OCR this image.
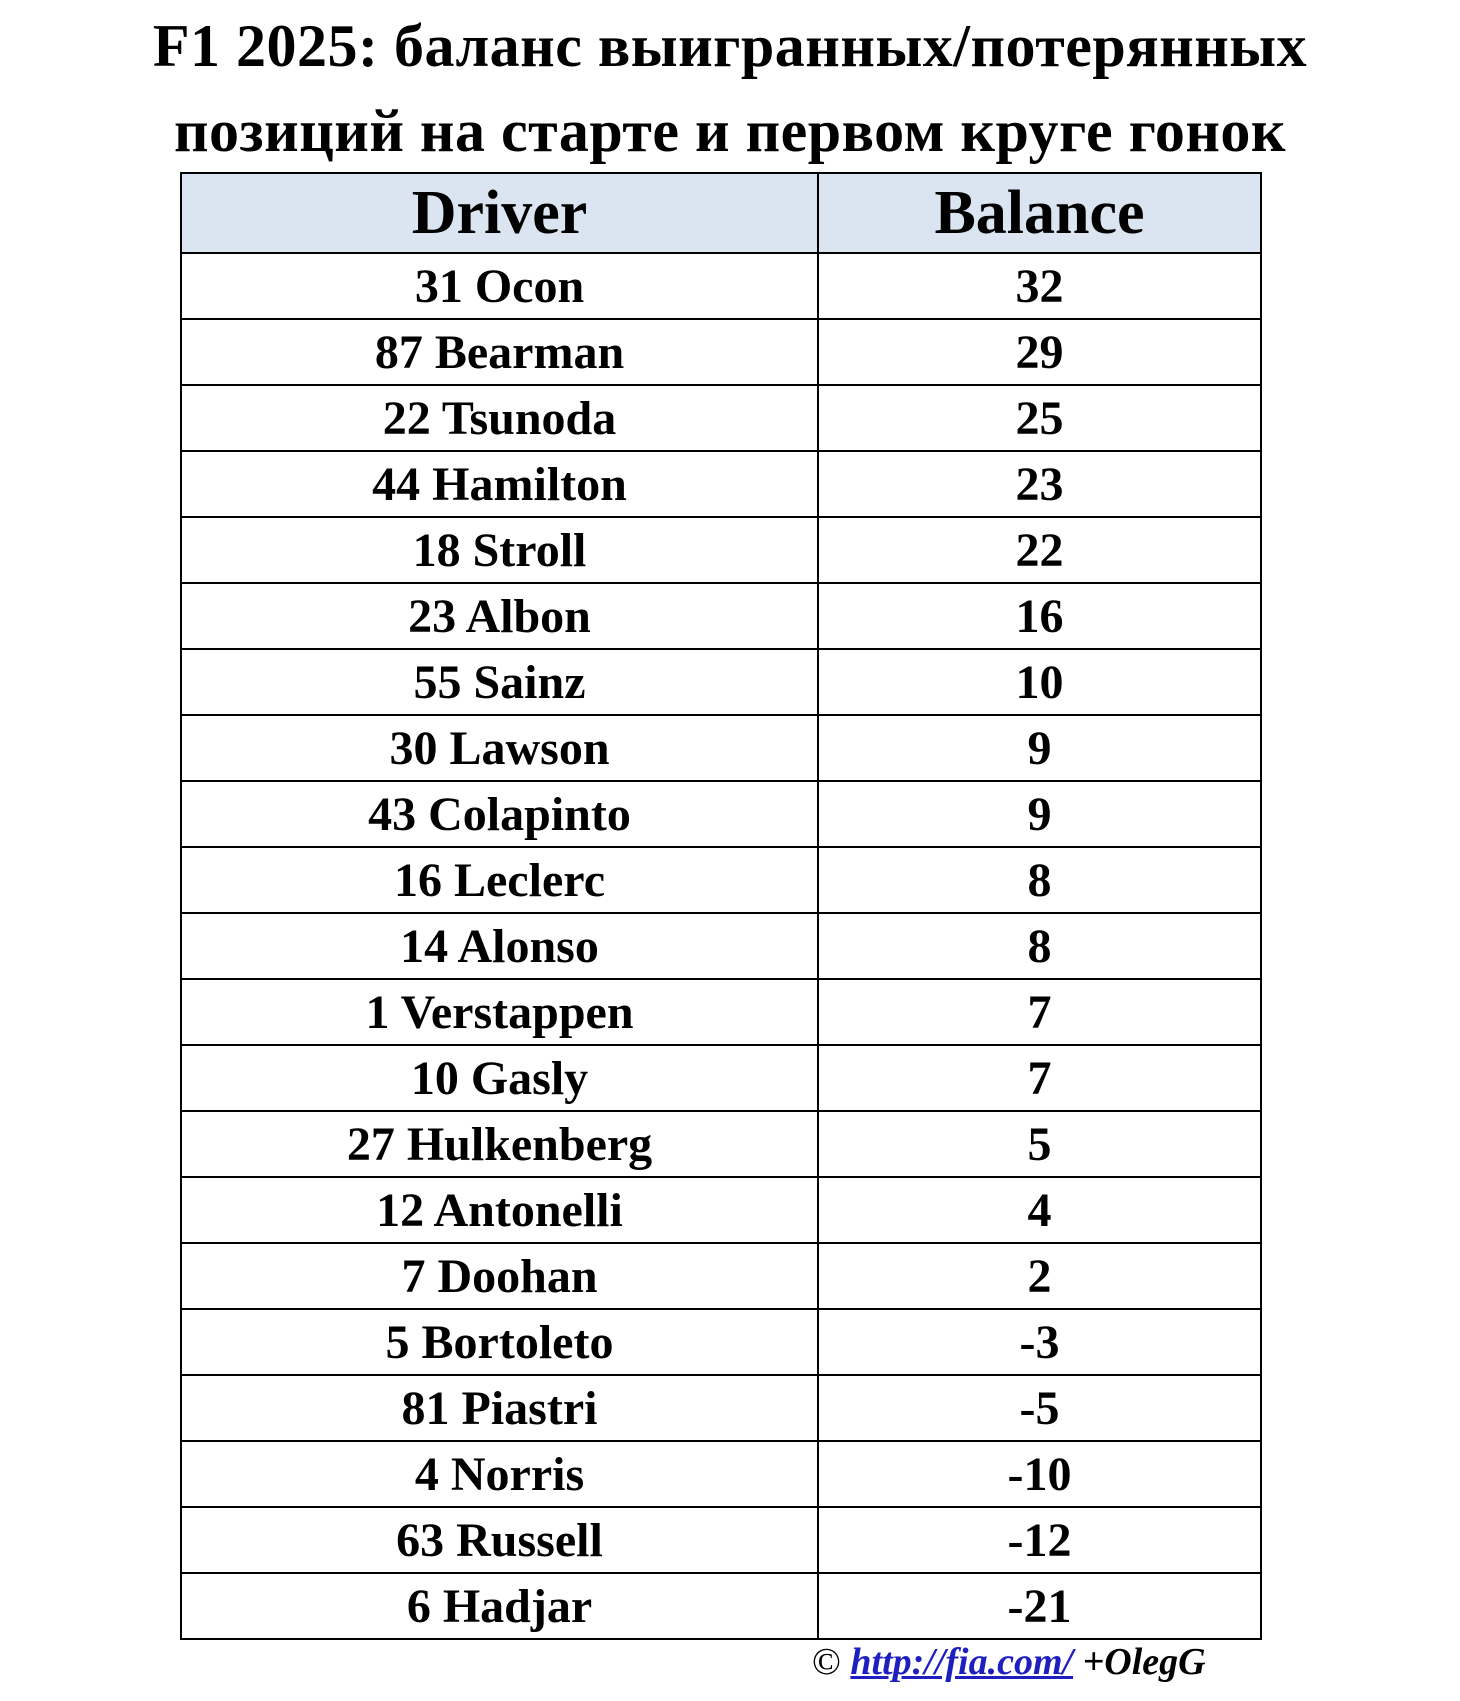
F1 2025: баланс выигранных/потерянных
позиций на старте и первом круге гонок
Driver	Balance
31 Ocon	32
87 Bearman	29
22 Tsunoda	25
44 Hamilton	23
18 Stroll	22
23 Albon	16
55 Sainz	10
30 Lawson	9
43 Colapinto	9
16 Leclerc	8
14 Alonso	8
1 Verstappen	7
10 Gasly	7
27 Hulkenberg	5
12 Antonelli	4
7 Doohan	2
5 Bortoleto	-3
81 Piastri	-5
4 Norris	-10
63 Russell	-12
6 Hadjar	-21
© http://fia.com/ +OlegG
